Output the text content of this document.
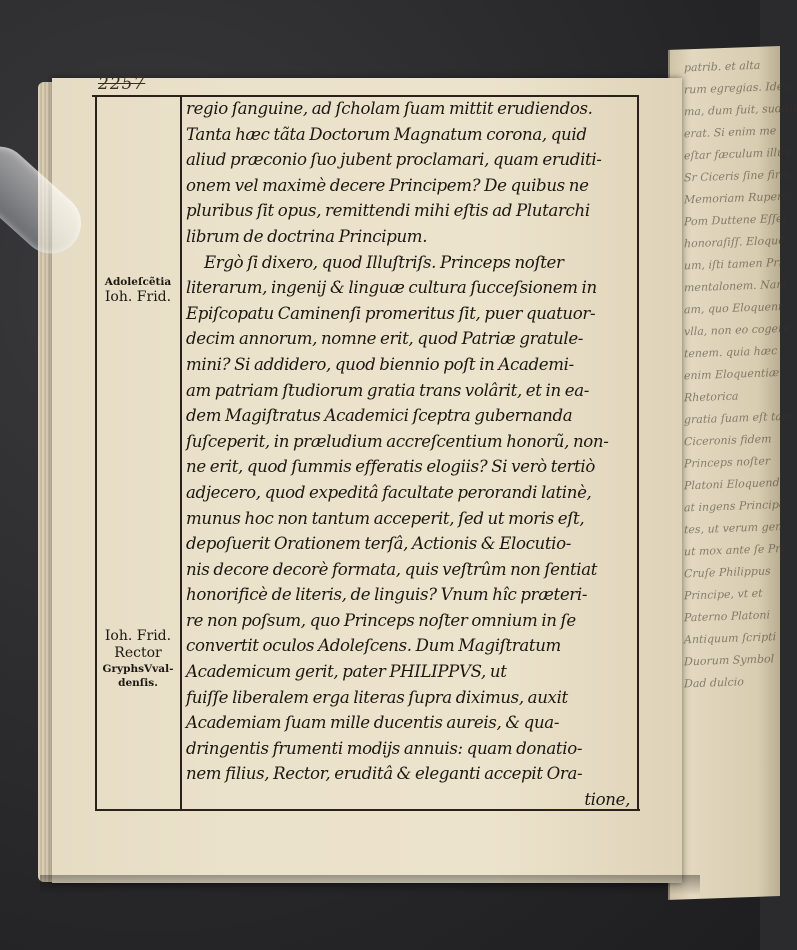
patrib. et alta
rum egregias. Ideo
ma, dum fuit, suddit
erat. Si enim me
eſtar fæculum illus
Sr Ciceris ſine firm
Memoriam Ruperis
Pom Duttene Eſſel
honoraſiſſ. Eloquë
um, iſti tamen Pri
mentalonem. Nam
am, quo Eloquent
vlla, non eo cogere
tenem. quia hæc
enim Eloquentiæ
Rhetorica
gratia ſuam eſt tam
Ciceronis fidem
Princeps noſter
Platoni Eloquend
at ingens Principe
tes, ut verum gen
ut mox ante ſe Pri
Cruſe Philippus
Principe, vt et
Paterno Platoni
Antiquum ſcripti
Duorum Symbol
Dad dulcio
2257
Adoleſcẽtia
Ioh. Frid.
Ioh. Frid.
Rector
GryphsVval-
denſis.
regio ſanguine, ad ſcholam ſuam mittit erudiendos.
Tanta hæc tãta Doctorum Magnatum corona, quid
aliud præconio ſuo jubent proclamari, quam eruditi-
onem vel maximè decere Principem? De quibus ne
pluribus ſit opus, remittendi mihi eſtis ad Plutarchi
librum de doctrina Principum.
Ergò ſi dixero, quod Illuſtriſs. Princeps noſter
literarum, ingenij & linguæ cultura ſucceſsionem in
Epiſcopatu Caminenſi promeritus ſit, puer quatuor-
decim annorum, nomne erit, quod Patriæ gratule-
mini? Si addidero, quod biennio poſt in Academi-
am patriam ſtudiorum gratia trans volârit, et in ea-
dem Magiſtratus Academici ſceptra gubernanda
ſuſceperit, in præludium accreſcentium honorũ, non-
ne erit, quod ſummis efferatis elogiis? Si verò tertiò
adjecero, quod expeditâ facultate perorandi latinè,
munus hoc non tantum acceperit, ſed ut moris eſt,
depoſuerit Orationem terſâ, Actionis & Elocutio-
nis decore decorè formata, quis veſtrûm non ſentiat
honorificè de literis, de linguis? Vnum hîc præteri-
re non poſsum, quo Princeps noſter omnium in ſe
convertit oculos Adoleſcens. Dum Magiſtratum
Academicum gerit, pater PHILIPPVS, ut
fuiſſe liberalem erga literas ſupra diximus, auxit
Academiam ſuam mille ducentis aureis, & qua-
dringentis frumenti modijs annuis: quam donatio-
nem filius, Rector, eruditâ & eleganti accepit Ora-
tione,
